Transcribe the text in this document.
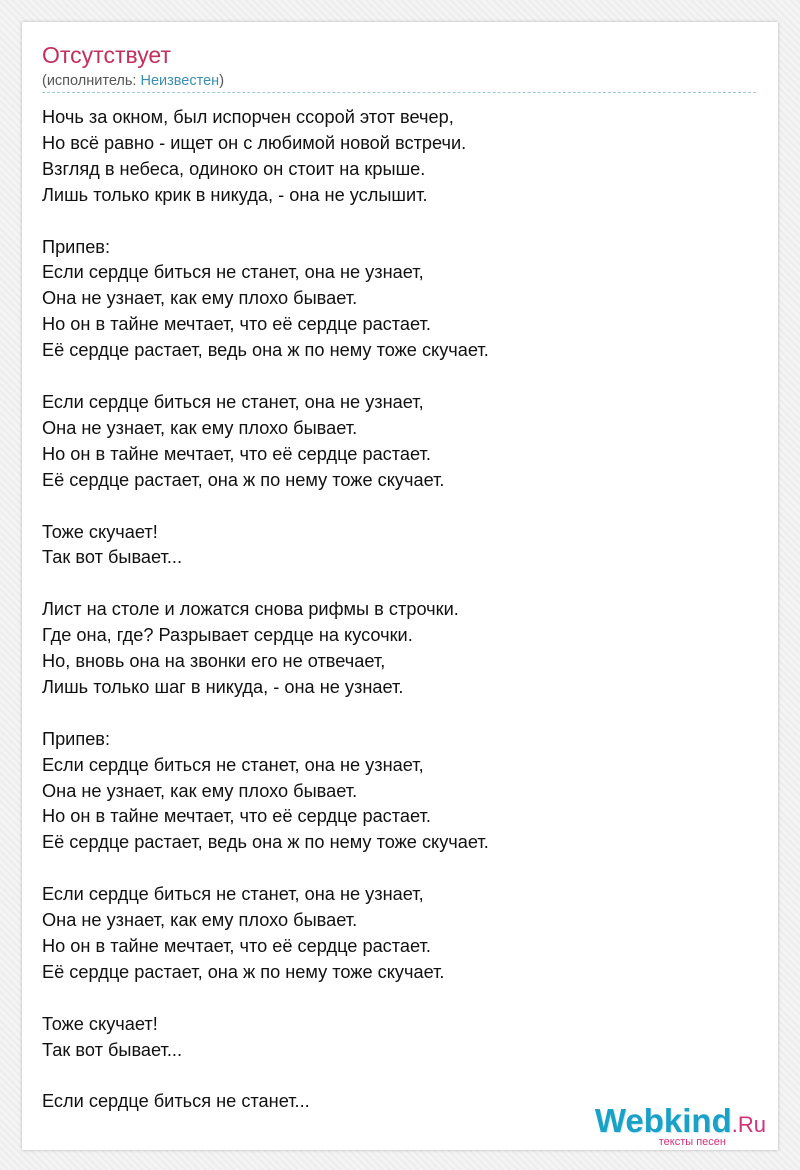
Отсутствует
(исполнитель: Неизвестен)
Ночь за окном, был испорчен ссорой этот вечер,
Но всё равно - ищет он с любимой новой встречи.
Взгляд в небеса, одиноко он стоит на крыше.
Лишь только крик в никуда, - она не услышит.

Припев:
Если сердце биться не станет, она не узнает,
Она не узнает, как ему плохо бывает.
Но он в тайне мечтает, что её сердце растает.
Её сердце растает, ведь она ж по нему тоже скучает.

Если сердце биться не станет, она не узнает,
Она не узнает, как ему плохо бывает.
Но он в тайне мечтает, что её сердце растает.
Её сердце растает, она ж по нему тоже скучает.

Тоже скучает!
Так вот бывает...

Лист на столе и ложатся снова рифмы в строчки.
Где она, где? Разрывает сердце на кусочки.
Но, вновь она на звонки его не отвечает,
Лишь только шаг в никуда, - она не узнает.

Припев:
Если сердце биться не станет, она не узнает,
Она не узнает, как ему плохо бывает.
Но он в тайне мечтает, что её сердце растает.
Её сердце растает, ведь она ж по нему тоже скучает.

Если сердце биться не станет, она не узнает,
Она не узнает, как ему плохо бывает.
Но он в тайне мечтает, что её сердце растает.
Её сердце растает, она ж по нему тоже скучает.

Тоже скучает!
Так вот бывает...

Если сердце биться не станет...
Webkind.Ru
тексты песен
